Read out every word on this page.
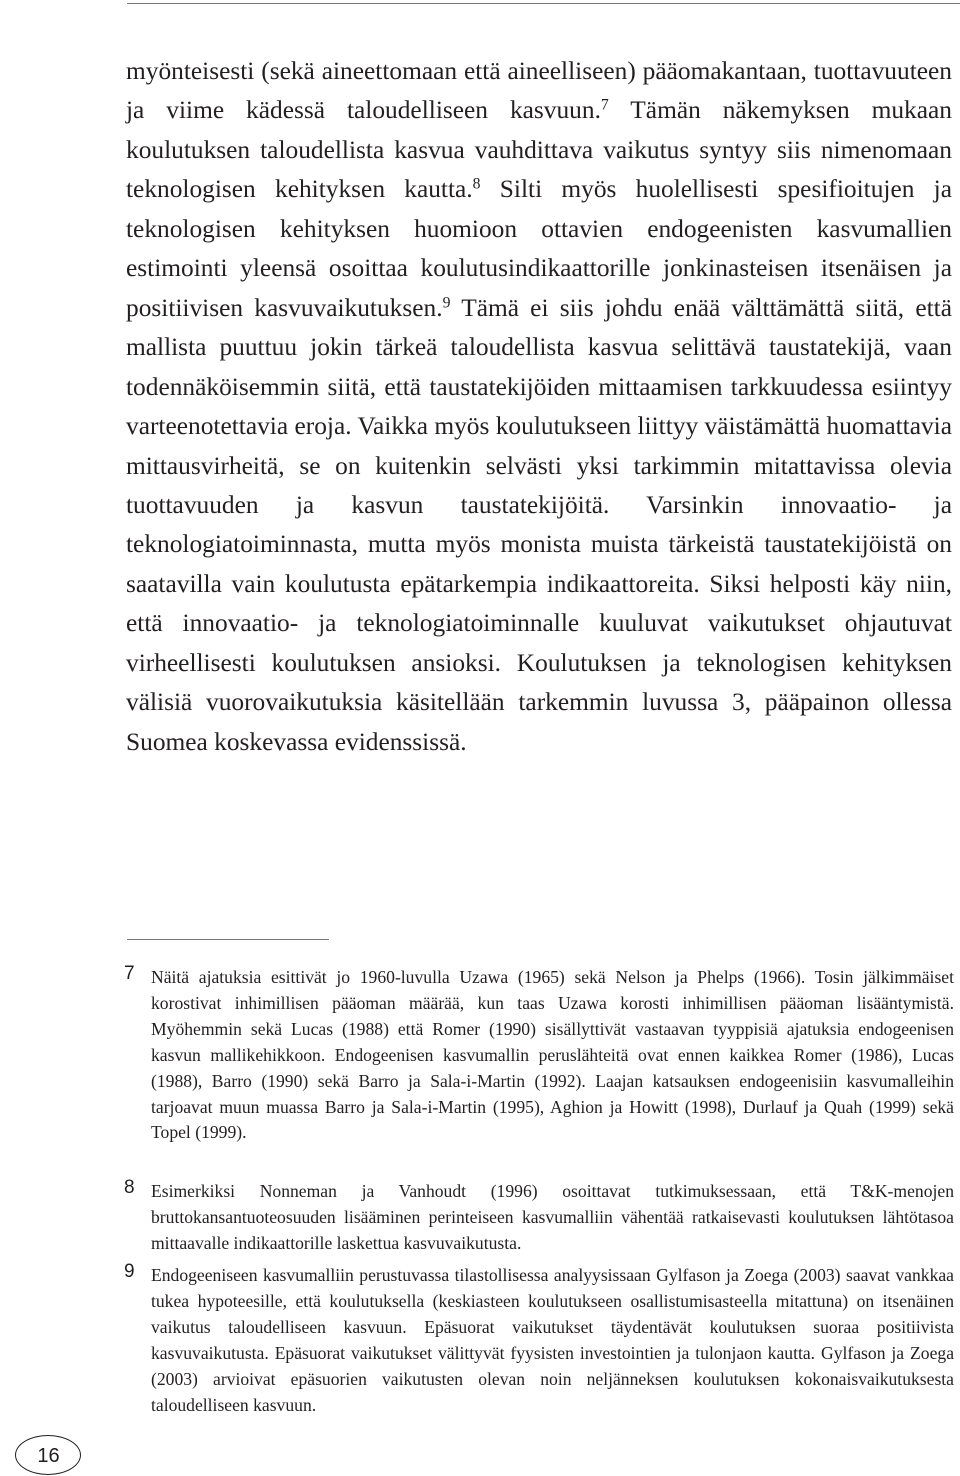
myönteisesti (sekä aineettomaan että aineelliseen) pääomakantaan, tuottavuuteen ja viime kädessä taloudelliseen kasvuun.$^7$ Tämän näkemyksen mukaan koulutuksen taloudellista kasvua vauhdittava vaikutus syntyy siis nimenomaan teknologisen kehityksen kautta.$^8$ Silti myös huolellisesti spesifioitujen ja teknologisen kehityksen huomioon ottavien endogeenisten kasvumallien estimointi yleensä osoittaa koulutusindikaattorille jonkinasteisen itsenäisen ja positiivisen kasvuvaikutuksen.$^9$ Tämä ei siis johdu enää välttämättä siitä, että mallista puuttuu jokin tärkeä taloudellista kasvua selittävä taustatekijä, vaan todennäköisemmin siitä, että taustatekijöiden mittaamisen tarkkuudessa esiintyy varteenotettavia eroja. Vaikka myös koulutukseen liittyy väistämättä huomattavia mittausvirheitä, se on kuitenkin selvästi yksi tarkimmin mitattavissa olevia tuottavuuden ja kasvun taustatekijöitä. Varsinkin innovaatio- ja teknologiatoiminnasta, mutta myös monista muista tärkeistä taustatekijöistä on saatavilla vain koulutusta epätarkempia indikaattoreita. Siksi helposti käy niin, että innovaatio- ja teknologiatoiminnalle kuuluvat vaikutukset ohjautuvat virheellisesti koulutuksen ansioksi. Koulutuksen ja teknologisen kehityksen välisiä vuorovaikutuksia käsitellään tarkemmin luvussa 3, pääpainon ollessa Suomea koskevassa evidenssissä.

7 Näitä ajatuksia esittivät jo 1960-luvulla Uzawa (1965) sekä Nelson ja Phelps (1966). Tosin jälkimmäiset korostivat inhimillisen pääoman määrää, kun taas Uzawa korosti inhimillisen pääoman lisääntymistä. Myöhemmin sekä Lucas (1988) että Romer (1990) sisällyttivät vastaavan tyyppisiä ajatuksia endogeenisen kasvun mallikehikkoon. Endogeenisen kasvumallin peruslähteitä ovat ennen kaikkea Romer (1986), Lucas (1988), Barro (1990) sekä Barro ja Sala-i-Martin (1992). Laajan katsauksen endogeenisiin kasvumalleihin tarjoavat muun muassa Barro ja Sala-i-Martin (1995), Aghion ja Howitt (1998), Durlauf ja Quah (1999) sekä Topel (1999).

8 Esimerkiksi Nonneman ja Vanhoudt (1996) osoittavat tutkimuksessaan, että T&K-menojen bruttokansantuoteosuuden lisääminen perinteiseen kasvumalliin vähentää ratkaisevasti koulutuksen lähtötasoa mittaavalle indikaattorille laskettua kasvuvaikutusta.

9 Endogeeniseen kasvumalliin perustuvassa tilastollisessa analyysissaan Gylfason ja Zoega (2003) saavat vankkaa tukea hypoteesille, että koulutuksella (keskiasteen koulutukseen osallistumisasteella mitattuna) on itsenäinen vaikutus taloudelliseen kasvuun. Epäsuorat vaikutukset täydentävät koulutuksen suoraa positiivista kasvuvaikutusta. Epäsuorat vaikutukset välittyvät fyysisten investointien ja tulonjaon kautta. Gylfason ja Zoega (2003) arvioivat epäsuorien vaikutusten olevan noin neljänneksen koulutuksen kokonaisvaikutuksesta taloudelliseen kasvuun.

16
